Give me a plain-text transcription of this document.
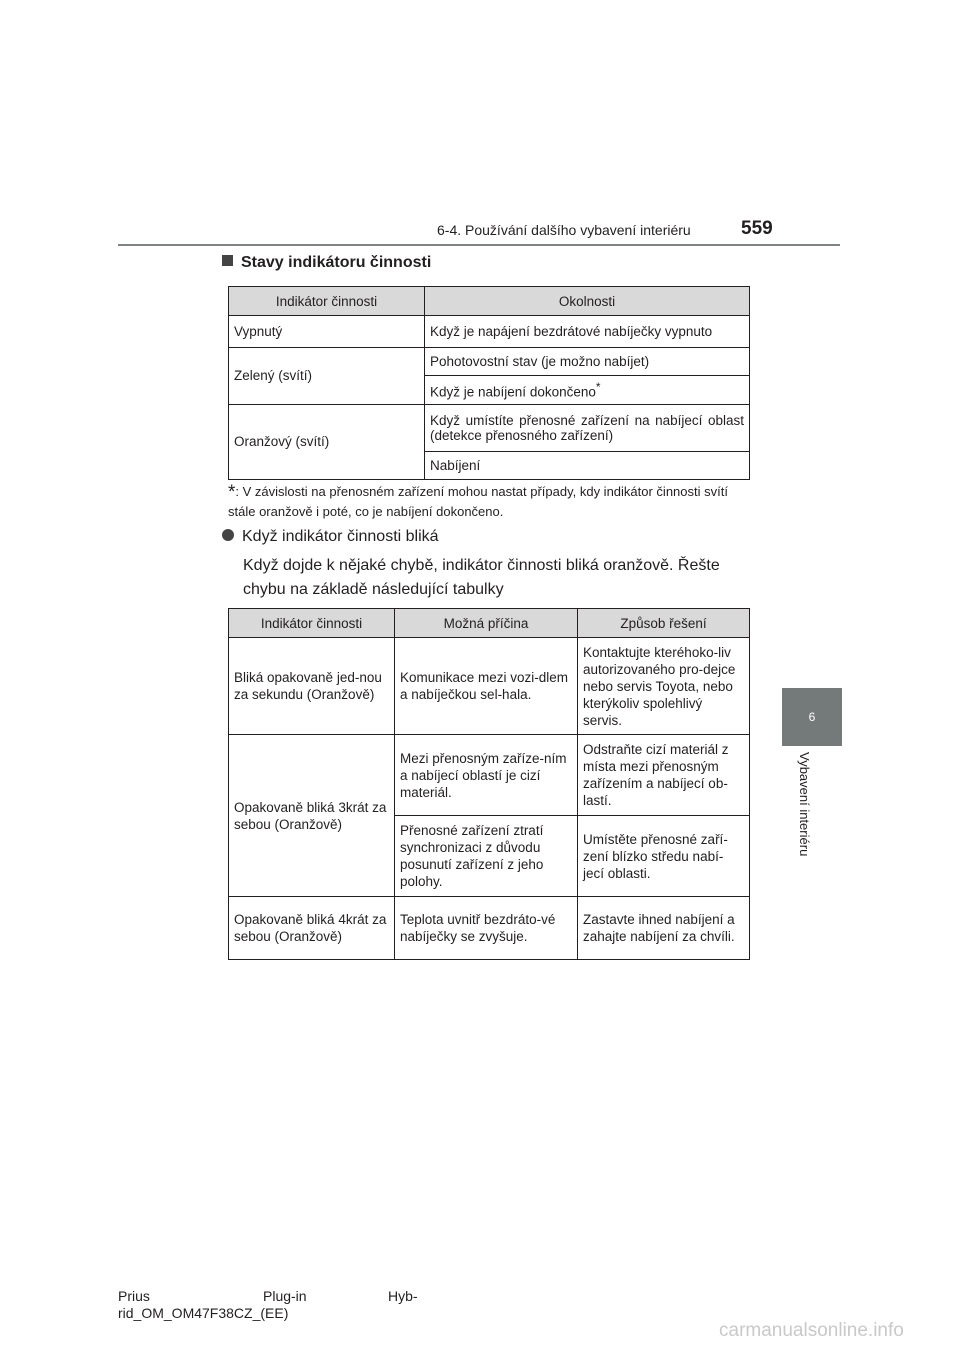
6-4. Používání dalšího vybavení interiéru	559
6
Vybavení interiéru
Stavy indikátoru činnosti
Indikátor činnosti	Okolnosti
Vypnutý	Když je napájení bezdrátové nabíječky vypnuto
Zelený (svítí)	Pohotovostní stav (je možno nabíjet)
	Když je nabíjení dokončeno*
Oranžový (svítí)	Když umístíte přenosné zařízení na nabíjecí oblast (detekce přenosného zařízení)
	Nabíjení
*: V závislosti na přenosném zařízení mohou nastat případy, kdy indikátor činnosti svítí stále oranžově i poté, co je nabíjení dokončeno.
Když indikátor činnosti bliká
Když dojde k nějaké chybě, indikátor činnosti bliká oranžově. Řešte chybu na základě následující tabulky
Indikátor činnosti	Možná příčina	Způsob řešení
Bliká opakovaně jed-nou za sekundu (Oranžově)	Komunikace mezi vozi-dlem a nabíječkou sel-hala.	Kontaktujte kteréhoko-liv autorizovaného pro-dejce nebo servis Toyota, nebo kterýkoliv spolehlivý servis.
Opakovaně bliká 3krát za sebou (Oranžově)	Mezi přenosným zaříze-ním a nabíjecí oblastí je cizí materiál.	Odstraňte cizí materiál z místa mezi přenosným zařízením a nabíjecí ob-lastí.
	Přenosné zařízení ztratí synchronizaci z důvodu posunutí zařízení z jeho polohy.	Umístěte přenosné zaří-zení blízko středu nabí-jecí oblasti.
Opakovaně bliká 4krát za sebou (Oranžově)	Teplota uvnitř bezdráto-vé nabíječky se zvyšuje.	Zastavte ihned nabíjení a zahajte nabíjení za chvíli.
Prius	Plug-in	Hyb-
rid_OM_OM47F38CZ_(EE)
carmanualsonline.info
